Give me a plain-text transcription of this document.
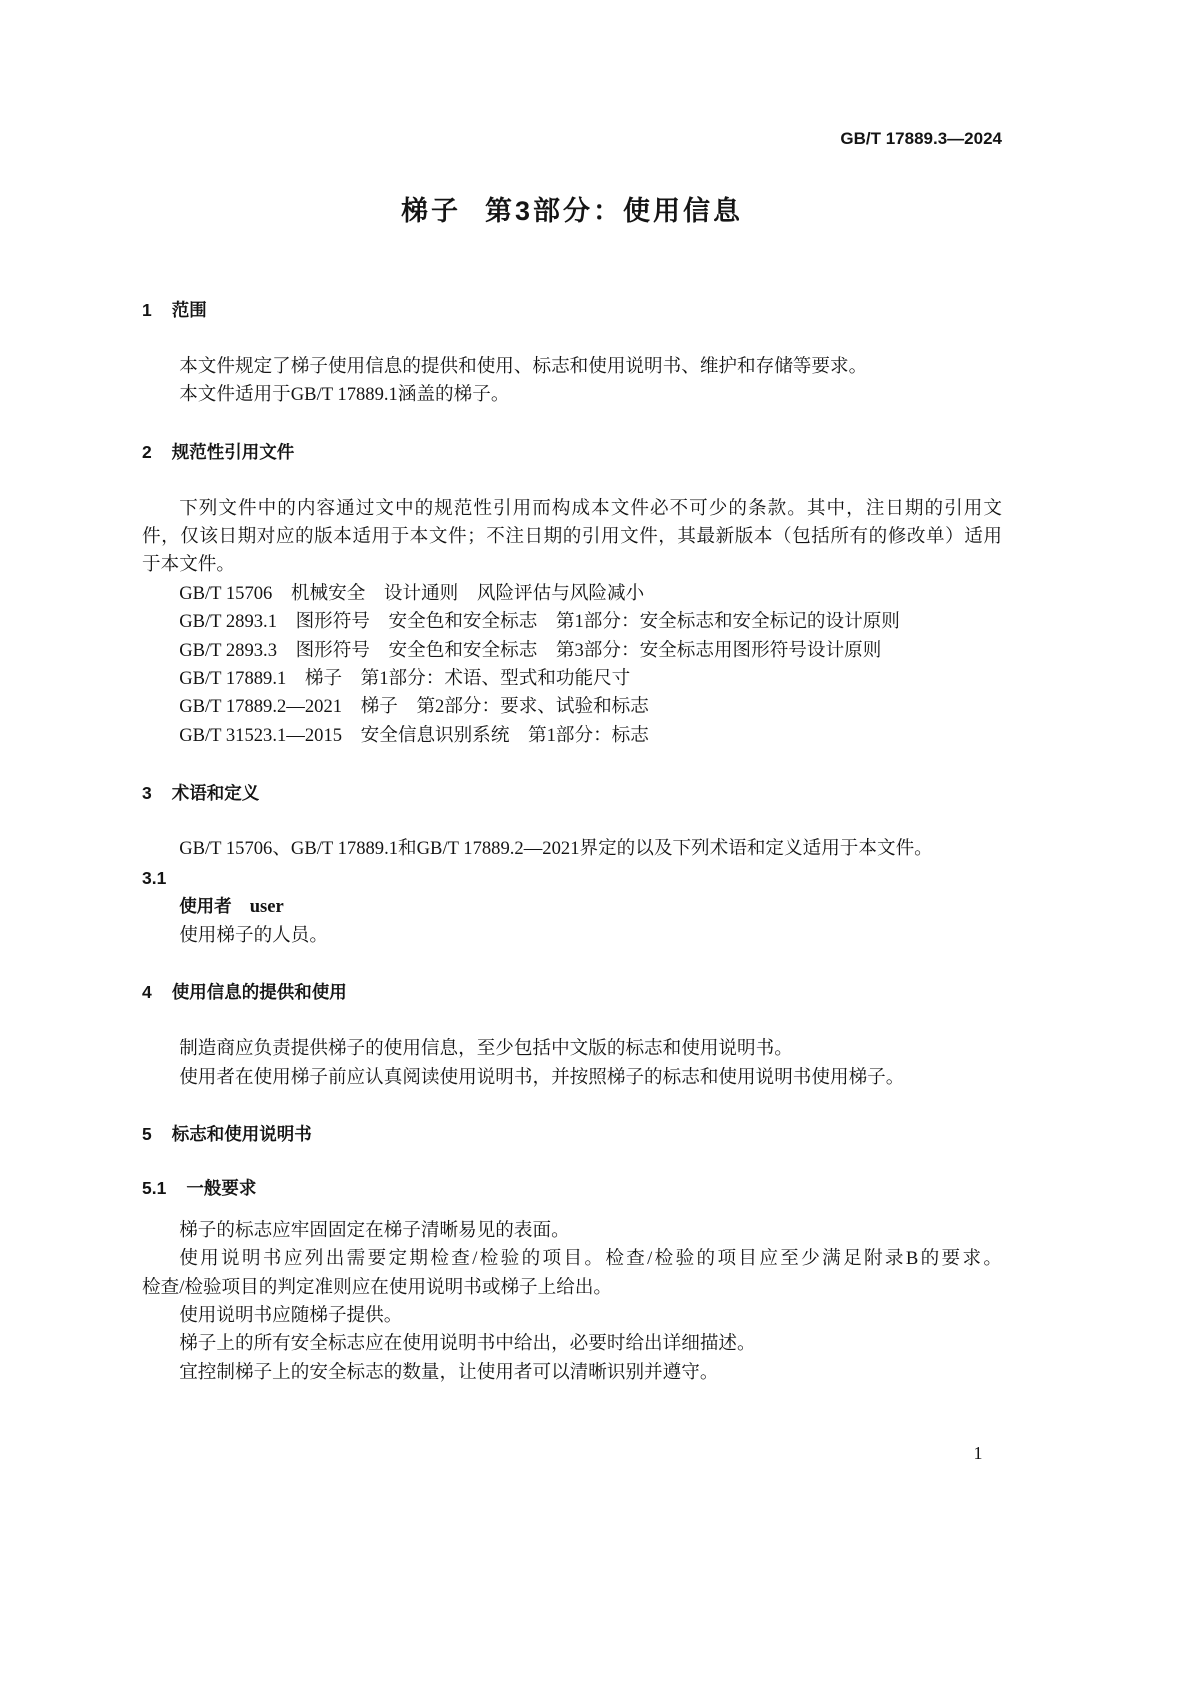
GB/T 17889.3—2024
梯子 第3部分：使用信息
1 范围
本文件规定了梯子使用信息的提供和使用、标志和使用说明书、维护和存储等要求。
本文件适用于GB/T 17889.1涵盖的梯子。
2 规范性引用文件
下列文件中的内容通过文中的规范性引用而构成本文件必不可少的条款。其中，注日期的引用文
件，仅该日期对应的版本适用于本文件；不注日期的引用文件，其最新版本（包括所有的修改单）适用
于本文件。
GB/T 15706　机械安全　设计通则　风险评估与风险减小
GB/T 2893.1　图形符号　安全色和安全标志　第1部分：安全标志和安全标记的设计原则
GB/T 2893.3　图形符号　安全色和安全标志　第3部分：安全标志用图形符号设计原则
GB/T 17889.1　梯子　第1部分：术语、型式和功能尺寸
GB/T 17889.2—2021　梯子　第2部分：要求、试验和标志
GB/T 31523.1—2015　安全信息识别系统　第1部分：标志
3 术语和定义
GB/T 15706、GB/T 17889.1和GB/T 17889.2—2021界定的以及下列术语和定义适用于本文件。
3.1
使用者 user
使用梯子的人员。
4 使用信息的提供和使用
制造商应负责提供梯子的使用信息，至少包括中文版的标志和使用说明书。
使用者在使用梯子前应认真阅读使用说明书，并按照梯子的标志和使用说明书使用梯子。
5 标志和使用说明书
5.1 一般要求
梯子的标志应牢固固定在梯子清晰易见的表面。
使用说明书应列出需要定期检查/检验的项目。检查/检验的项目应至少满足附录B的要求。
检查/检验项目的判定准则应在使用说明书或梯子上给出。
使用说明书应随梯子提供。
梯子上的所有安全标志应在使用说明书中给出，必要时给出详细描述。
宜控制梯子上的安全标志的数量，让使用者可以清晰识别并遵守。
1
